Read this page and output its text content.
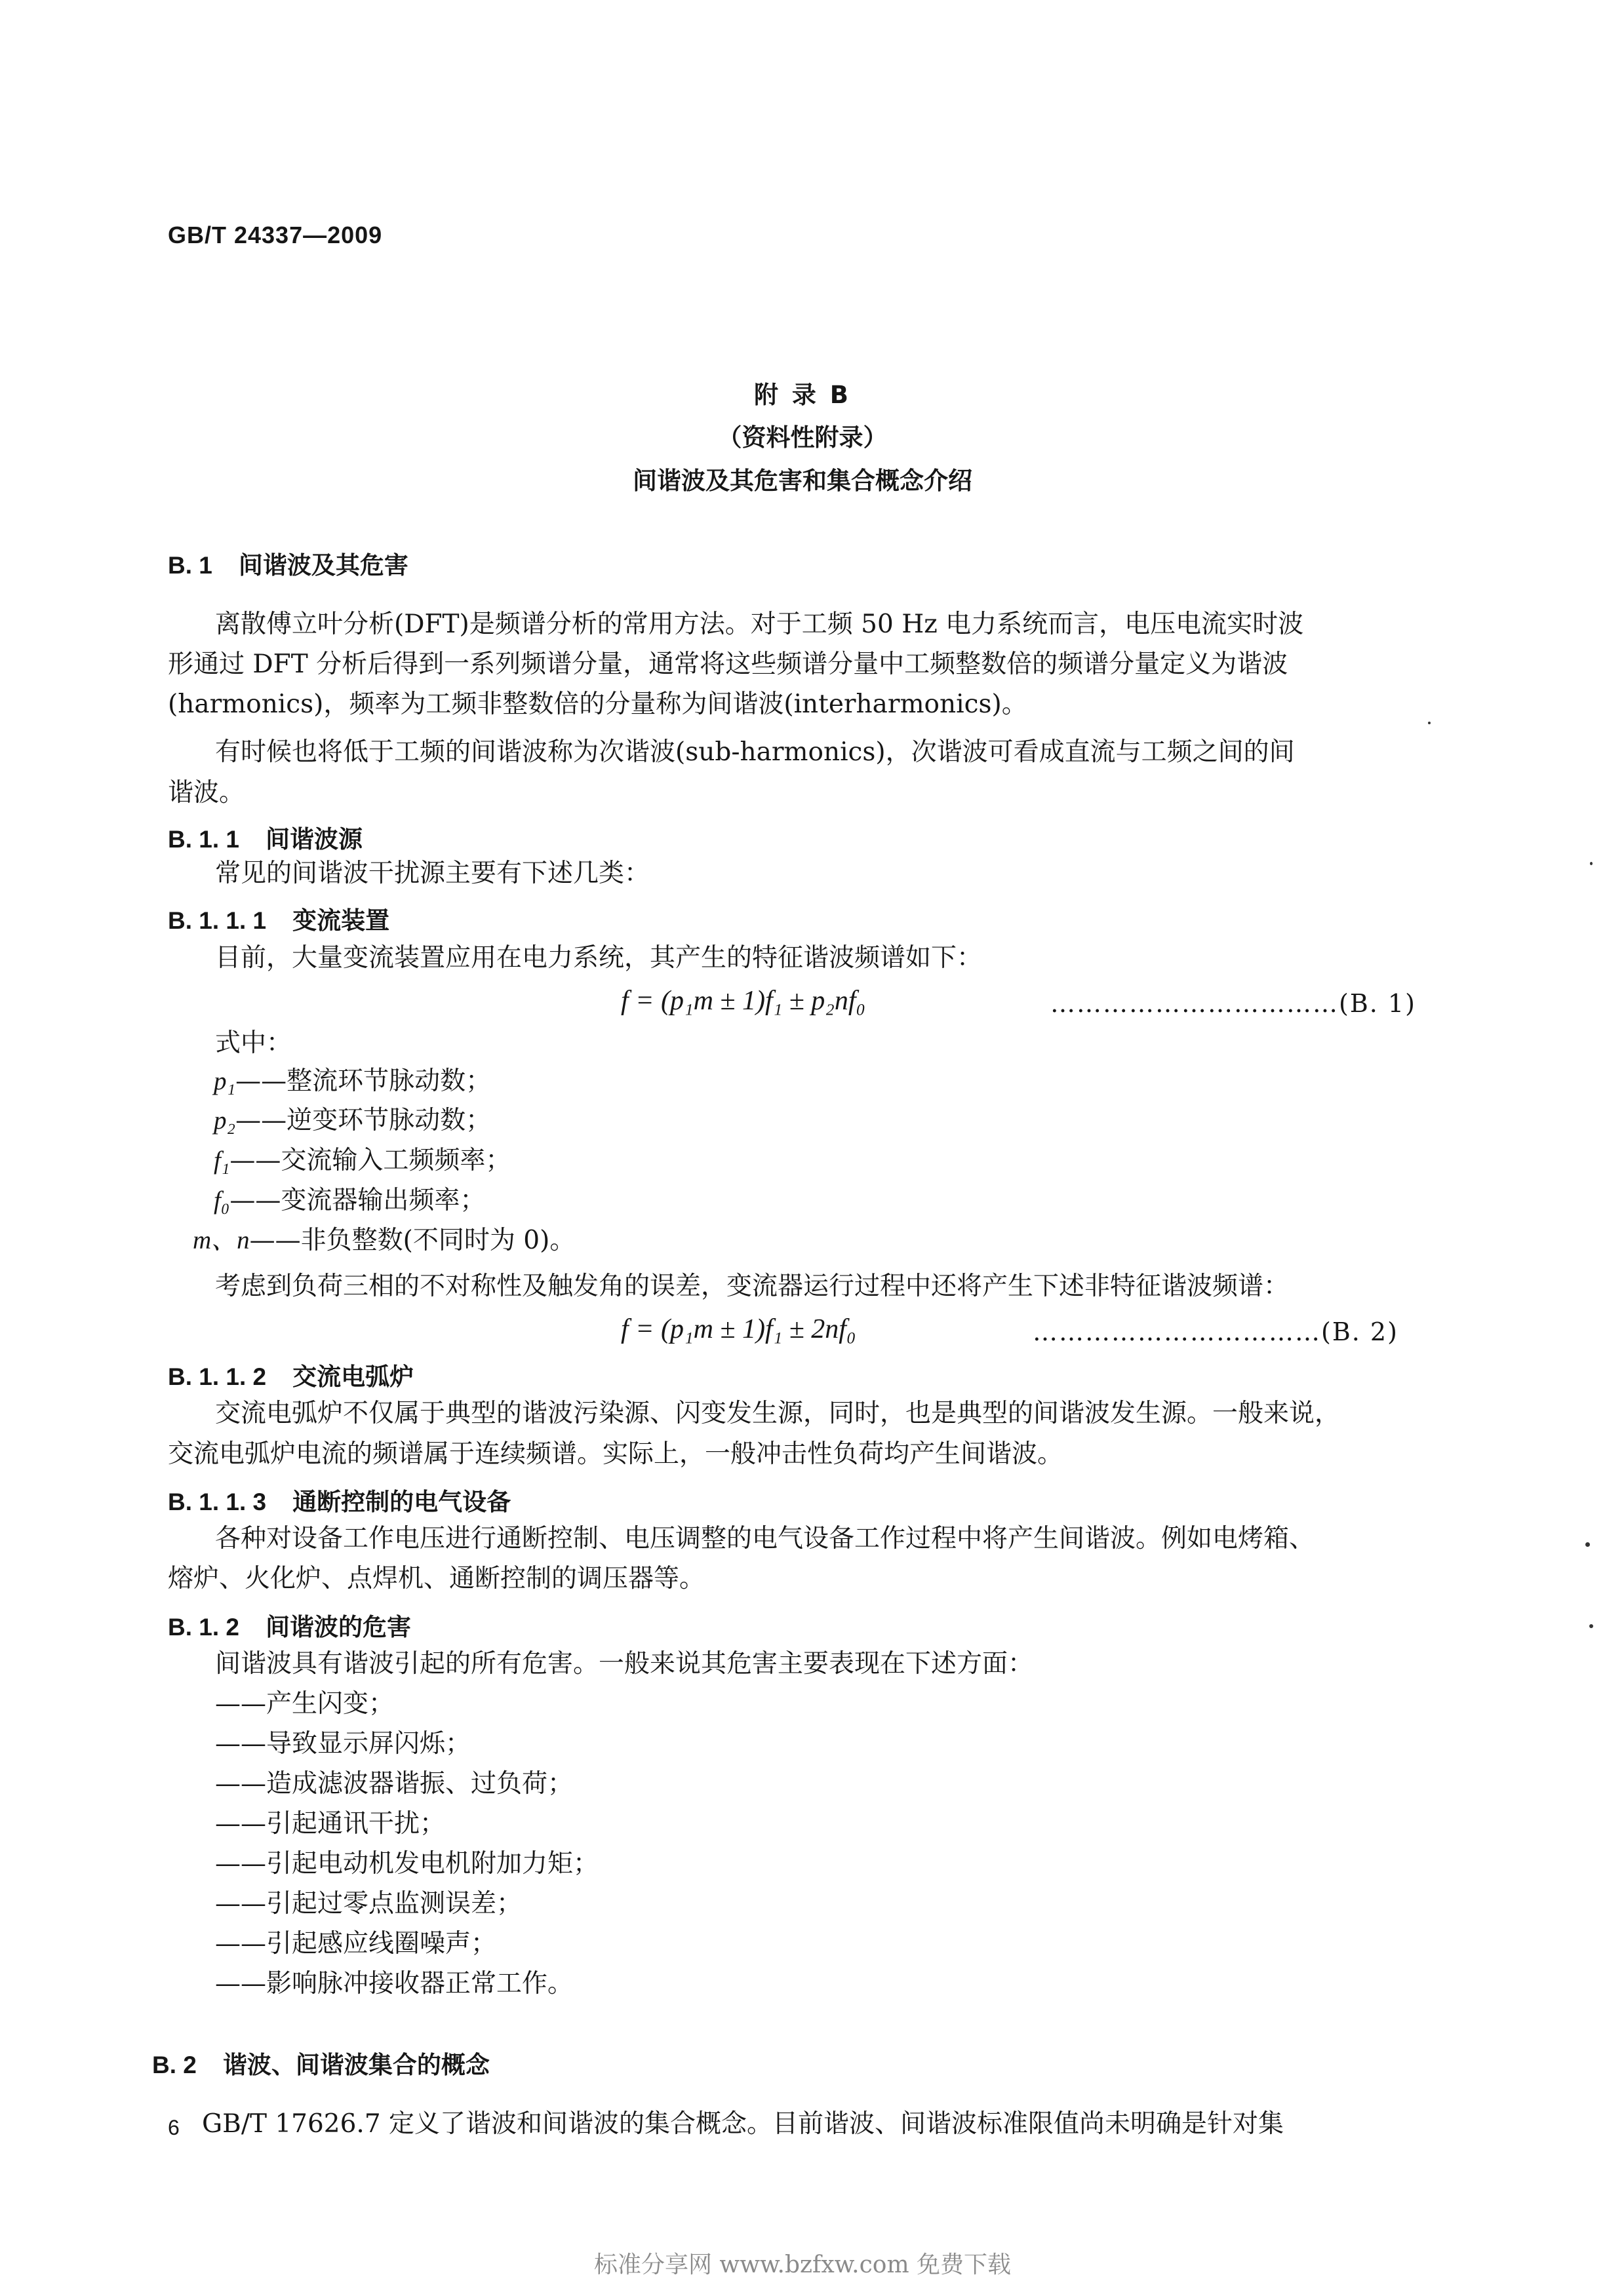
GB/T 24337—2009
附 录 B
（资料性附录）
间谐波及其危害和集合概念介绍
B. 1 间谐波及其危害
离散傅立叶分析(DFT)是频谱分析的常用方法。对于工频 50 Hz 电力系统而言，电压电流实时波
形通过 DFT 分析后得到一系列频谱分量，通常将这些频谱分量中工频整数倍的频谱分量定义为谐波
(harmonics)，频率为工频非整数倍的分量称为间谐波(interharmonics)。
有时候也将低于工频的间谐波称为次谐波(sub-harmonics)，次谐波可看成直流与工频之间的间
谐波。
B. 1. 1 间谐波源
常见的间谐波干扰源主要有下述几类：
B. 1. 1. 1 变流装置
目前，大量变流装置应用在电力系统，其产生的特征谐波频谱如下：
f = (p₁m ± 1)f₁ ± p₂nf₀	……………………………(B. 1)
式中：
p₁——整流环节脉动数；
p₂——逆变环节脉动数；
f₁——交流输入工频频率；
f₀——变流器输出频率；
m、n——非负整数(不同时为 0)。
考虑到负荷三相的不对称性及触发角的误差，变流器运行过程中还将产生下述非特征谐波频谱：
f = (p₁m ± 1)f₁ ± 2nf₀	……………………………(B. 2)
B. 1. 1. 2 交流电弧炉
交流电弧炉不仅属于典型的谐波污染源、闪变发生源，同时，也是典型的间谐波发生源。一般来说，
交流电弧炉电流的频谱属于连续频谱。实际上，一般冲击性负荷均产生间谐波。
B. 1. 1. 3 通断控制的电气设备
各种对设备工作电压进行通断控制、电压调整的电气设备工作过程中将产生间谐波。例如电烤箱、
熔炉、火化炉、点焊机、通断控制的调压器等。
B. 1. 2 间谐波的危害
间谐波具有谐波引起的所有危害。一般来说其危害主要表现在下述方面：
——产生闪变；
——导致显示屏闪烁；
——造成滤波器谐振、过负荷；
——引起通讯干扰；
——引起电动机发电机附加力矩；
——引起过零点监测误差；
——引起感应线圈噪声；
——影响脉冲接收器正常工作。
B. 2 谐波、间谐波集合的概念
GB/T 17626.7 定义了谐波和间谐波的集合概念。目前谐波、间谐波标准限值尚未明确是针对集
6
标准分享网 www.bzfxw.com 免费下载
